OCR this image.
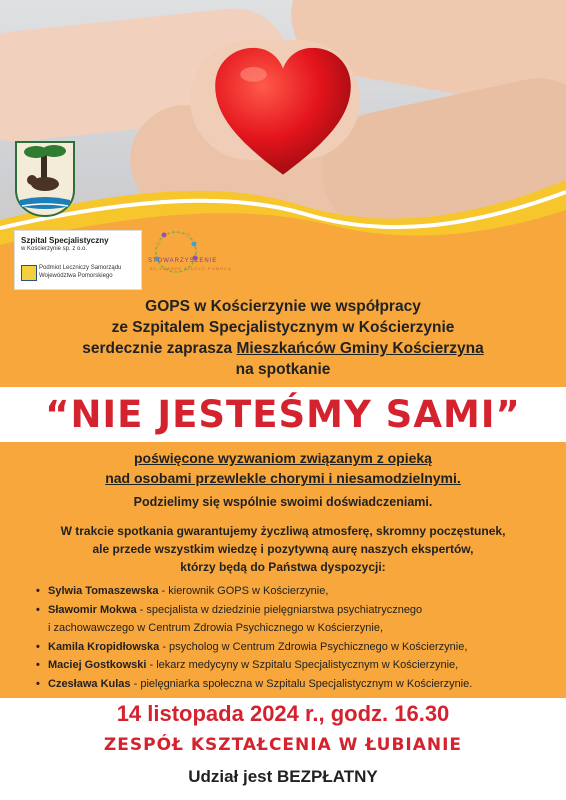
Szpital Specjalistyczny
w Kościerzynie sp. z o.o.
Podmiot Leczniczy Samorządu
Województwa Pomorskiego
STOWARZYSZENIE
BY ZAWSZE SŁUŻYĆ POMOCĄ
GOPS w Kościerzynie we współpracy
ze Szpitalem Specjalistycznym w Kościerzynie
serdecznie zaprasza Mieszkańców Gminy Kościerzyna
na spotkanie
“NIE JESTEŚMY SAMI”
poświęcone wyzwaniom związanym z opieką
nad osobami przewlekle chorymi i niesamodzielnymi.
Podzielimy się wspólnie swoimi doświadczeniami.
W trakcie spotkania gwarantujemy życzliwą atmosferę, skromny poczęstunek,
ale przede wszystkim wiedzę i pozytywną aurę naszych ekspertów,
którzy będą do Państwa dyspozycji:
• Sylwia Tomaszewska - kierownik GOPS w Kościerzynie,
• Sławomir Mokwa - specjalista w dziedzinie pielęgniarstwa psychiatrycznego
i zachowawczego w Centrum Zdrowia Psychicznego w Kościerzynie,
• Kamila Kropidłowska - psycholog w Centrum Zdrowia Psychicznego w Kościerzynie,
• Maciej Gostkowski - lekarz medycyny w Szpitalu Specjalistycznym w Kościerzynie,
• Czesława Kulas - pielęgniarka społeczna w Szpitalu Specjalistycznym w Kościerzynie.
14 listopada 2024 r., godz. 16.30
ZESPÓŁ KSZTAŁCENIA W ŁUBIANIE
Udział jest BEZPŁATNY
